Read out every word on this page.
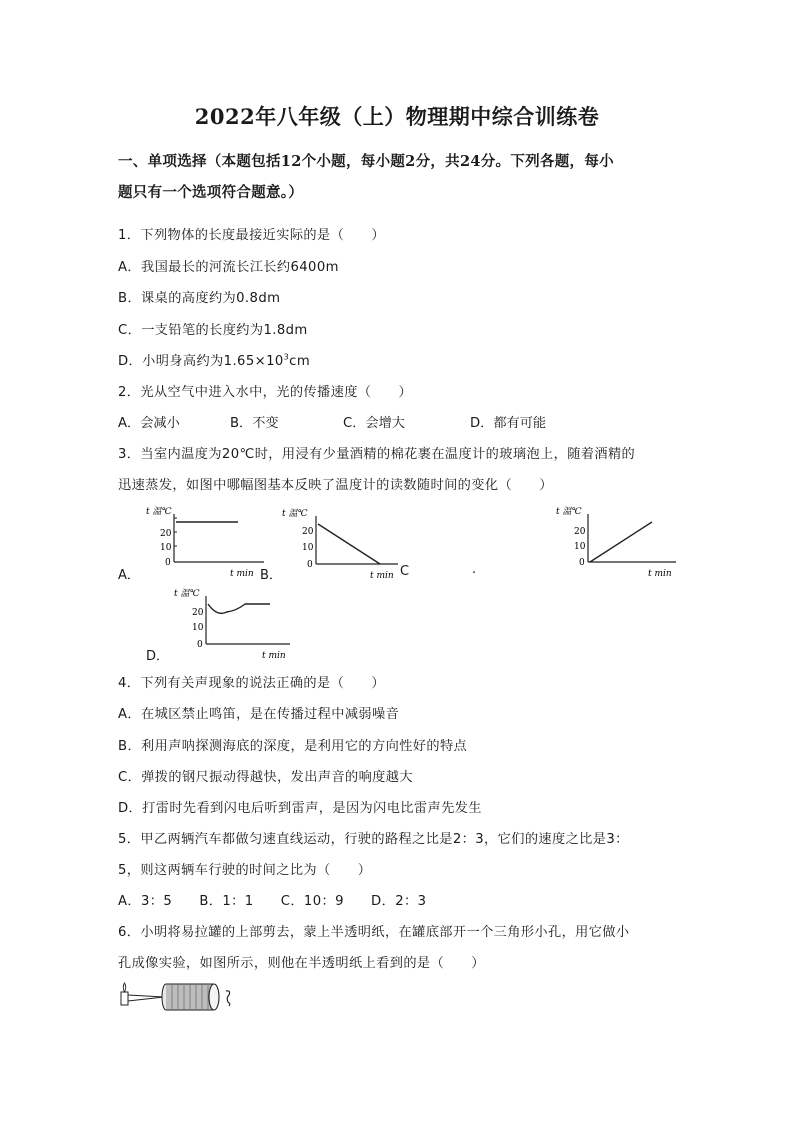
2022年八年级（上）物理期中综合训练卷
一、单项选择（本题包括12个小题，每小题2分，共24分。下列各题，每小
题只有一个选项符合题意。）
1．下列物体的长度最接近实际的是（　　）
A．我国最长的河流长江长约6400m
B．课桌的高度约为0.8dm
C．一支铅笔的长度约为1.8dm
D．小明身高约为$1.65\times 10^3cm$
2．光从空气中进入水中，光的传播速度（　　）
A．会减小	B．不变	C．会增大	D．都有可能
3．当室内温度为20℃时，用浸有少量酒精的棉花裹在温度计的玻璃泡上，随着酒精的
迅速蒸发，如图中哪幅图基本反映了温度计的读数随时间的变化（　　）
A．	B．	C	.
D．
t 温℃
20
10
0
t min
t 温℃
20
10
0
t min
t 温℃
20
10
0
t min
t 温℃
20
10
0
t min
4．下列有关声现象的说法正确的是（　　）
A．在城区禁止鸣笛，是在传播过程中减弱噪音
B．利用声呐探测海底的深度，是利用它的方向性好的特点
C．弹拨的钢尺振动得越快，发出声音的响度越大
D．打雷时先看到闪电后听到雷声，是因为闪电比雷声先发生
5．甲乙两辆汽车都做匀速直线运动，行驶的路程之比是2：3，它们的速度之比是3：
5，则这两辆车行驶的时间之比为（　　）
A．3：5　　B．1：1　　C．10：9　　D．2：3
6．小明将易拉罐的上部剪去，蒙上半透明纸，在罐底部开一个三角形小孔，用它做小
孔成像实验，如图所示，则他在半透明纸上看到的是（　　）
